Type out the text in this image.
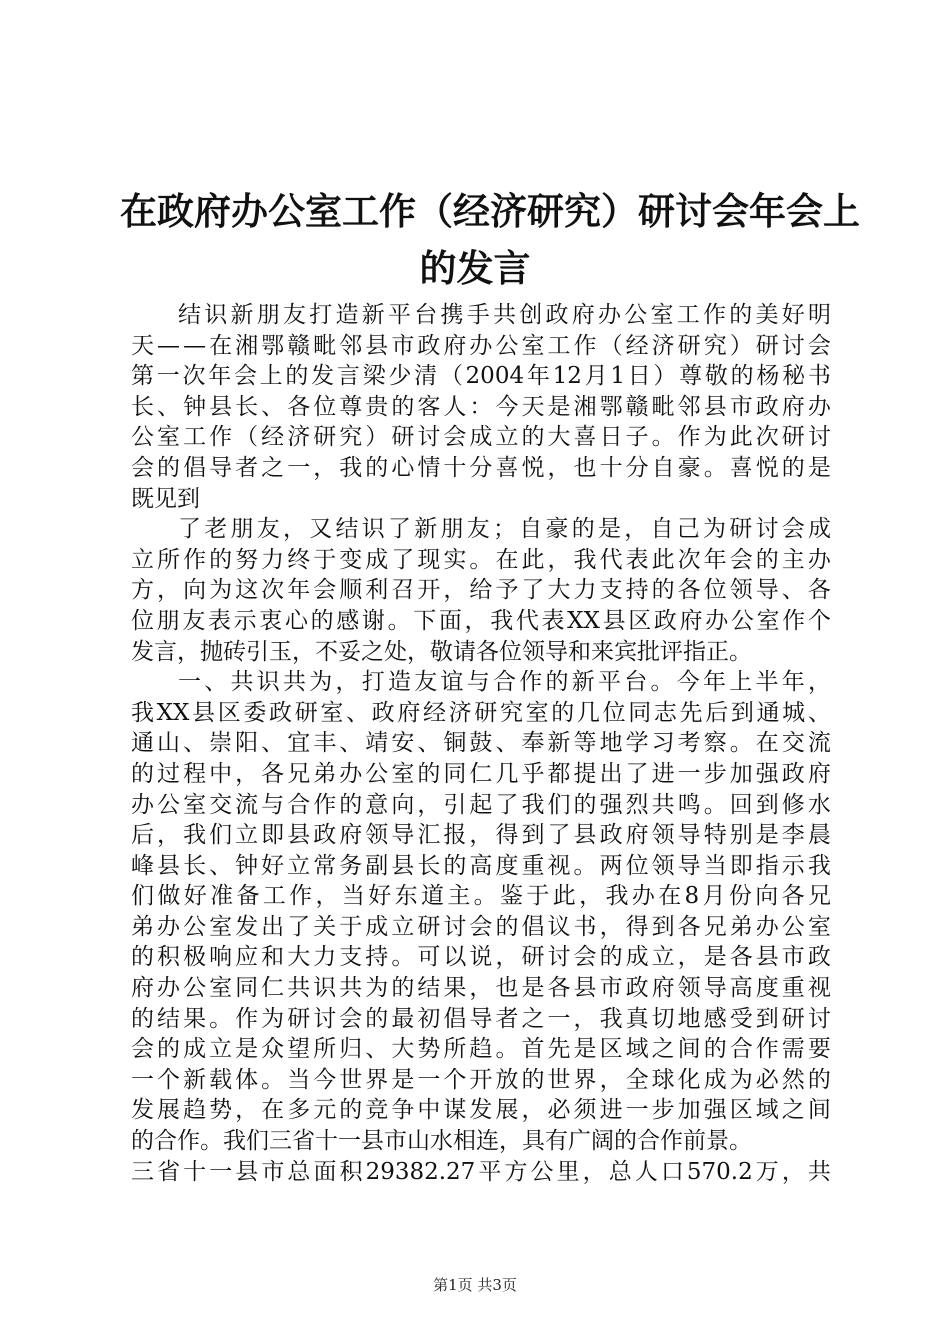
在政府办公室工作（经济研究）研讨会年会上
的发言
结 识 新 朋 友 打 造 新 平 台 携 手 共 创 政 府 办 公 室 工 作 的 美 好 明
天 — — 在 湘 鄂 赣 毗 邻 县 市 政 府 办 公 室 工 作 （ 经 济 研 究 ） 研 讨 会
第 一 次 年 会 上 的 发 言 梁 少 清 （ 2004 年 12 月 1 日 ） 尊 敬 的 杨 秘 书
长 、 钟 县 长 、 各 位 尊 贵 的 客 人 ： 今 天 是 湘 鄂 赣 毗 邻 县 市 政 府 办
公 室 工 作 （ 经 济 研 究 ） 研 讨 会 成 立 的 大 喜 日 子 。 作 为 此 次 研 讨
会 的 倡 导 者 之 一 ， 我 的 心 情 十 分 喜 悦 ， 也 十 分 自 豪 。 喜 悦 的 是
既见到
了 老 朋 友 ， 又 结 识 了 新 朋 友 ； 自 豪 的 是 ， 自 己 为 研 讨 会 成
立 所 作 的 努 力 终 于 变 成 了 现 实 。 在 此 ， 我 代 表 此 次 年 会 的 主 办
方 ， 向 为 这 次 年 会 顺 利 召 开 ， 给 予 了 大 力 支 持 的 各 位 领 导 、 各
位 朋 友 表 示 衷 心 的 感 谢 。 下 面 ， 我 代 表 XX 县 区 政 府 办 公 室 作 个
发言，抛砖引玉，不妥之处，敬请各位领导和来宾批评指正。
一 、 共 识 共 为 ， 打 造 友 谊 与 合 作 的 新 平 台 。 今 年 上 半 年 ，
我 XX 县 区 委 政 研 室 、 政 府 经 济 研 究 室 的 几 位 同 志 先 后 到 通 城 、
通 山 、 崇 阳 、 宜 丰 、 靖 安 、 铜 鼓 、 奉 新 等 地 学 习 考 察 。 在 交 流
的 过 程 中 ， 各 兄 弟 办 公 室 的 同 仁 几 乎 都 提 出 了 进 一 步 加 强 政 府
办 公 室 交 流 与 合 作 的 意 向 ， 引 起 了 我 们 的 强 烈 共 鸣 。 回 到 修 水
后 ， 我 们 立 即 县 政 府 领 导 汇 报 ， 得 到 了 县 政 府 领 导 特 别 是 李 晨
峰 县 长 、 钟 好 立 常 务 副 县 长 的 高 度 重 视 。 两 位 领 导 当 即 指 示 我
们 做 好 准 备 工 作 ， 当 好 东 道 主 。 鉴 于 此 ， 我 办 在 8 月 份 向 各 兄
弟 办 公 室 发 出 了 关 于 成 立 研 讨 会 的 倡 议 书 ， 得 到 各 兄 弟 办 公 室
的 积 极 响 应 和 大 力 支 持 。 可 以 说 ， 研 讨 会 的 成 立 ， 是 各 县 市 政
府 办 公 室 同 仁 共 识 共 为 的 结 果 ， 也 是 各 县 市 政 府 领 导 高 度 重 视
的 结 果 。 作 为 研 讨 会 的 最 初 倡 导 者 之 一 ， 我 真 切 地 感 受 到 研 讨
会 的 成 立 是 众 望 所 归 、 大 势 所 趋 。 首 先 是 区 域 之 间 的 合 作 需 要
一 个 新 载 体 。 当 今 世 界 是 一 个 开 放 的 世 界 ， 全 球 化 成 为 必 然 的
发 展 趋 势 ， 在 多 元 的 竞 争 中 谋 发 展 ， 必 须 进 一 步 加 强 区 域 之 间
的合作。我们三省十一县市山水相连，具有广阔的合作前景。
三 省 十 一 县 市 总 面 积 29382.27 平 方 公 里 ， 总 人 口 570.2 万 ， 共
第1页 共3页
